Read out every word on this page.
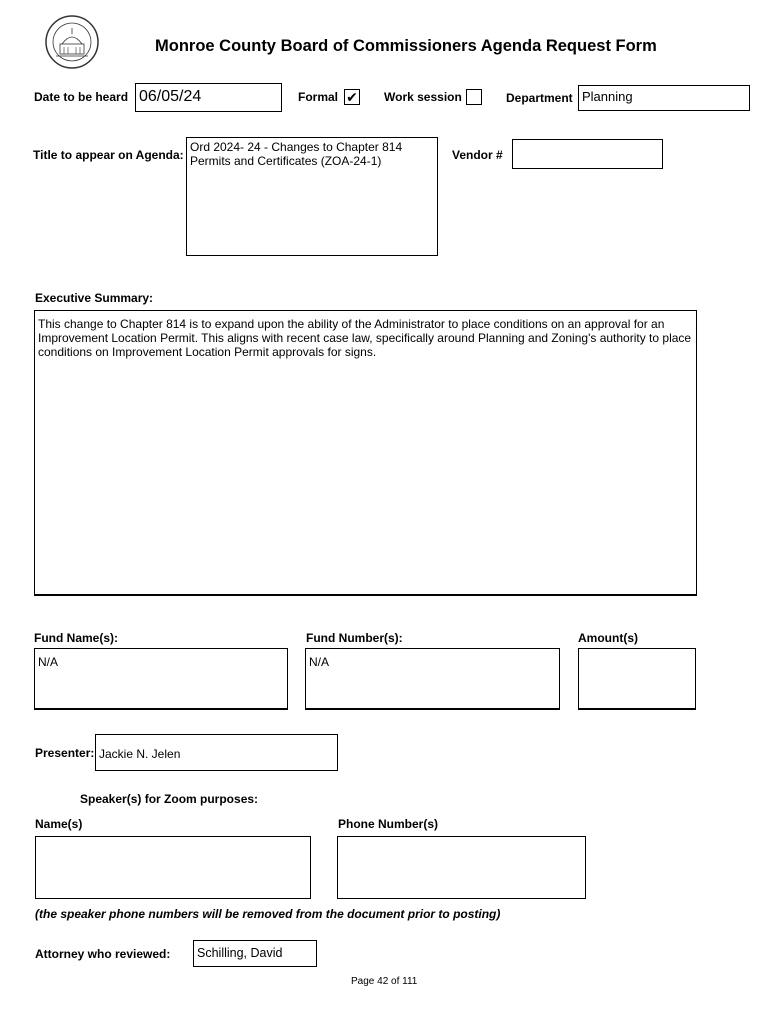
Monroe County Board of Commissioners Agenda Request Form
Date to be heard 06/05/24	Formal ✔ Work session	Department Planning
Title to appear on Agenda:
Ord 2024- 24 - Changes to Chapter 814 Permits and Certificates (ZOA-24-1)	Vendor #
Executive Summary:
This change to Chapter 814 is to expand upon the ability of the Administrator to place conditions on an approval for an Improvement Location Permit. This aligns with recent case law, specifically around Planning and Zoning's authority to place conditions on Improvement Location Permit approvals for signs.
Fund Name(s):
N/A
Fund Number(s):
N/A
Amount(s)
Presenter: Jackie N. Jelen
Speaker(s) for Zoom purposes:
Name(s)	Phone Number(s)
(the speaker phone numbers will be removed from the document prior to posting)
Attorney who reviewed:	Schilling, David
Page 42 of 111
